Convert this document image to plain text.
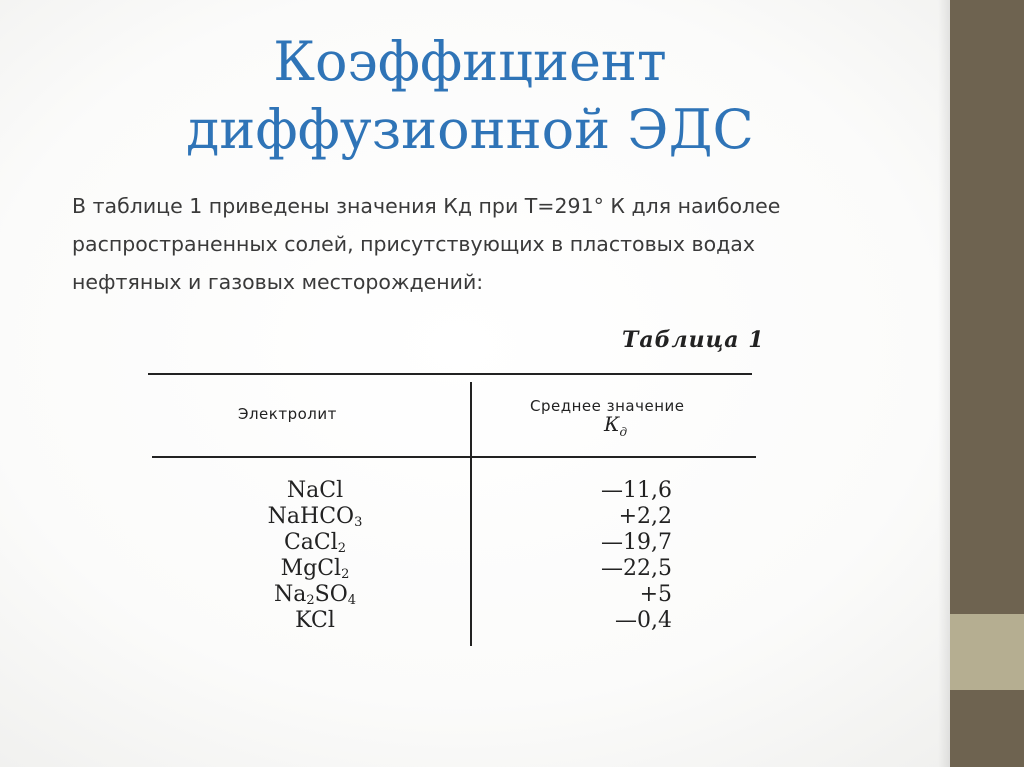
Коэффициент
диффузионной ЭДС

В таблице 1 приведены значения Кд при T=291° К для наиболее распространенных солей, присутствующих в пластовых водах нефтяных и газовых месторождений:

Таблица 1
Электролит	Среднее значение
$К_д$
NaCl
NaHCO$_3$
CaCl$_2$
MgCl$_2$
$Na_2SO_4$
KCl
—11,6
+2,2
—19,7
—22,5
+5
—0,4
